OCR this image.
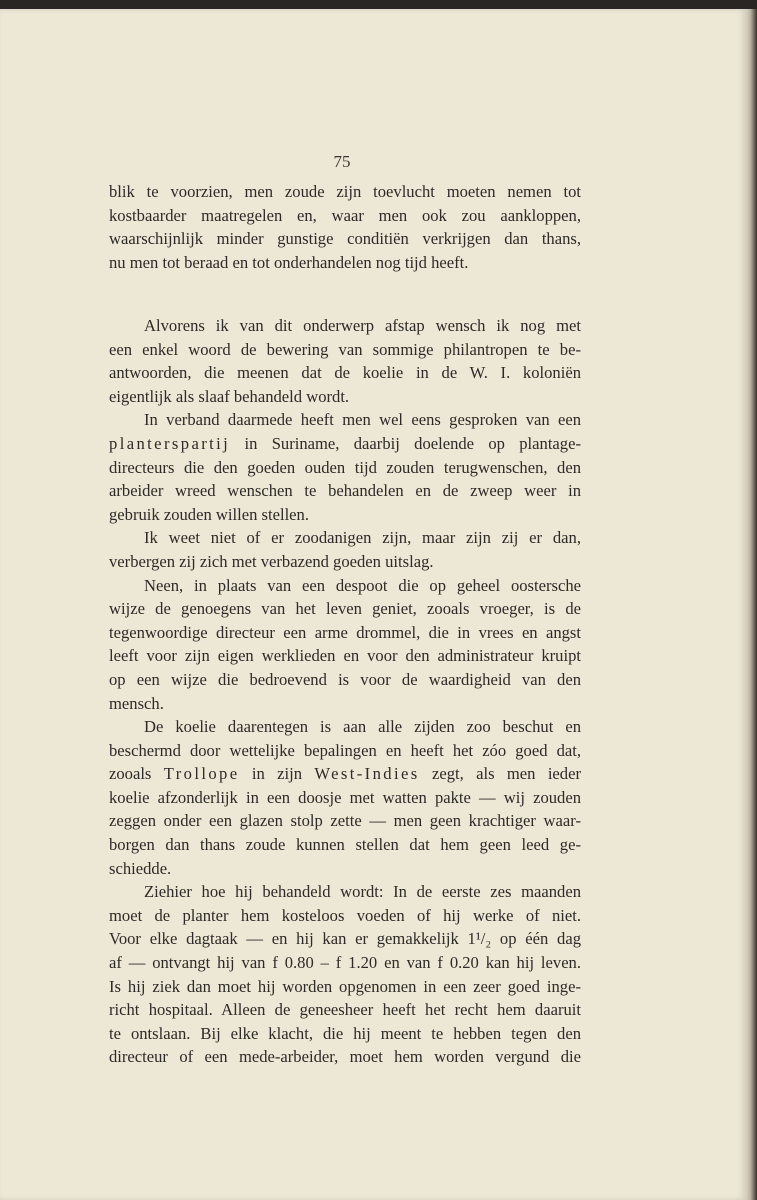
75
blik te voorzien, men zoude zijn toevlucht moeten nemen tot
kostbaarder maatregelen en, waar men ook zou aankloppen,
waarschijnlijk minder gunstige conditiën verkrijgen dan thans,
nu men tot beraad en tot onderhandelen nog tijd heeft.
Alvorens ik van dit onderwerp afstap wensch ik nog met
een enkel woord de bewering van sommige philantropen te be-
antwoorden, die meenen dat de koelie in de W. I. koloniën
eigentlijk als slaaf behandeld wordt.
In verband daarmede heeft men wel eens gesproken van een
planterspartij in Suriname, daarbij doelende op plantage-
directeurs die den goeden ouden tijd zouden terugwenschen, den
arbeider wreed wenschen te behandelen en de zweep weer in
gebruik zouden willen stellen.
Ik weet niet of er zoodanigen zijn, maar zijn zij er dan,
verbergen zij zich met verbazend goeden uitslag.
Neen, in plaats van een despoot die op geheel oostersche
wijze de genoegens van het leven geniet, zooals vroeger, is de
tegenwoordige directeur een arme drommel, die in vrees en angst
leeft voor zijn eigen werklieden en voor den administrateur kruipt
op een wijze die bedroevend is voor de waardigheid van den
mensch.
De koelie daarentegen is aan alle zijden zoo beschut en
beschermd door wettelijke bepalingen en heeft het zóo goed dat,
zooals Trollope in zijn West-Indies zegt, als men ieder
koelie afzonderlijk in een doosje met watten pakte — wij zouden
zeggen onder een glazen stolp zette — men geen krachtiger waar-
borgen dan thans zoude kunnen stellen dat hem geen leed ge-
schiedde.
Ziehier hoe hij behandeld wordt: In de eerste zes maanden
moet de planter hem kosteloos voeden of hij werke of niet.
Voor elke dagtaak — en hij kan er gemakkelijk 1¹/₂ op één dag
af — ontvangt hij van f 0.80 – f 1.20 en van f 0.20 kan hij leven.
Is hij ziek dan moet hij worden opgenomen in een zeer goed inge-
richt hospitaal. Alleen de geneesheer heeft het recht hem daaruit
te ontslaan. Bij elke klacht, die hij meent te hebben tegen den
directeur of een mede-arbeider, moet hem worden vergund die
